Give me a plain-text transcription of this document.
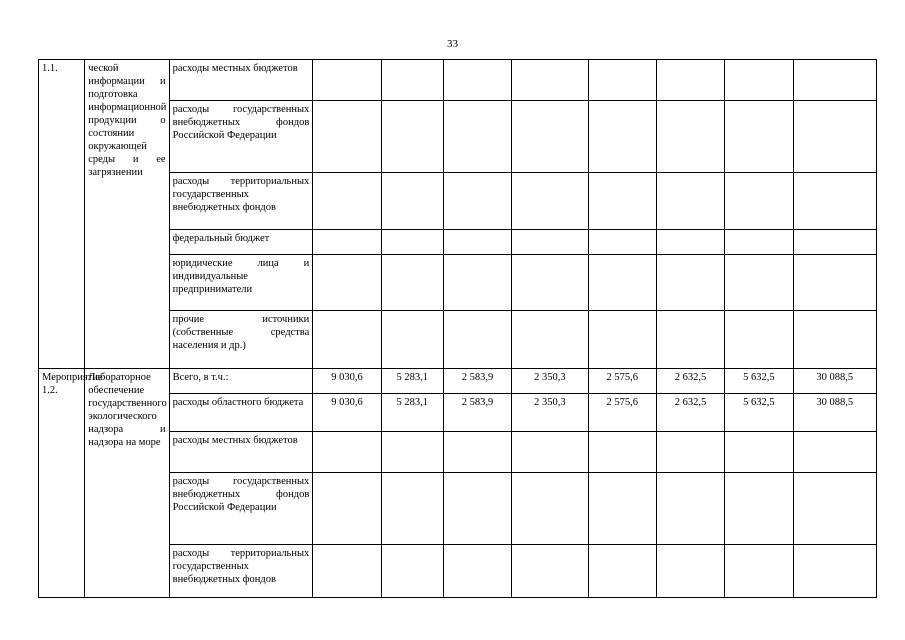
33
1.1.	ческой информации и подготовка информационной продукции о состоянии окружающей среды и ее загрязнении	расходы местных бюджетов								
		расходы государственных внебюджетных фондов Российской Федерации								
		расходы территориальных государственных внебюджетных фондов								
		федеральный бюджет								
		юридические лица и индивидуальные предприниматели								
		прочие источники (собственные средства населения и др.)								
Мероприятие 1.2.	Лабораторное обеспечение государственного экологического надзора и надзора на море	Всего, в т.ч.:	9 030,6	5 283,1	2 583,9	2 350,3	2 575,6	2 632,5	5 632,5	30 088,5
		расходы областного бюджета	9 030,6	5 283,1	2 583,9	2 350,3	2 575,6	2 632,5	5 632,5	30 088,5
		расходы местных бюджетов								
		расходы государственных внебюджетных фондов Российской Федерации								
		расходы территориальных государственных внебюджетных фондов								
